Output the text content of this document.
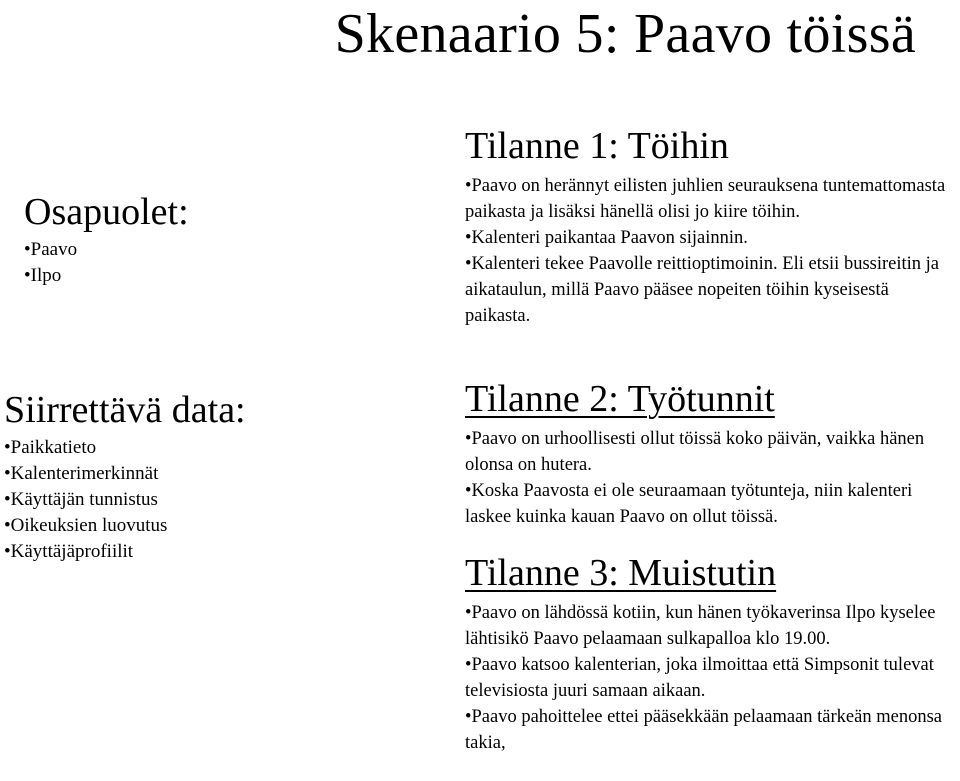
Skenaario 5: Paavo töissä
Osapuolet:
• Paavo
• Ilpo
Siirrettävä data:
• Paikkatieto
• Kalenterimerkinnät
• Käyttäjän tunnistus
• Oikeuksien luovutus
• Käyttäjäprofiilit
Tilanne 1: Töihin
• Paavo on herännyt eilisten juhlien seurauksena tuntemattomasta paikasta ja lisäksi hänellä olisi jo kiire töihin.
• Kalenteri paikantaa Paavon sijainnin.
• Kalenteri tekee Paavolle reittioptimoinin. Eli etsii bussireitin ja aikataulun, millä Paavo pääsee nopeiten töihin kyseisestä paikasta.
Tilanne 2: Työtunnit
• Paavo on urhoollisesti ollut töissä koko päivän, vaikka hänen olonsa on hutera.
• Koska Paavosta ei ole seuraamaan työtunteja, niin kalenteri laskee kuinka kauan Paavo on ollut töissä.
Tilanne 3: Muistutin
• Paavo on lähdössä kotiin, kun hänen työkaverinsa Ilpo kyselee lähtisikö Paavo pelaamaan sulkapalloa klo 19.00.
• Paavo katsoo kalenterian, joka ilmoittaa että Simpsonit tulevat televisiosta juuri samaan aikaan.
• Paavo pahoittelee ettei pääsekkään pelaamaan tärkeän menonsa takia,
